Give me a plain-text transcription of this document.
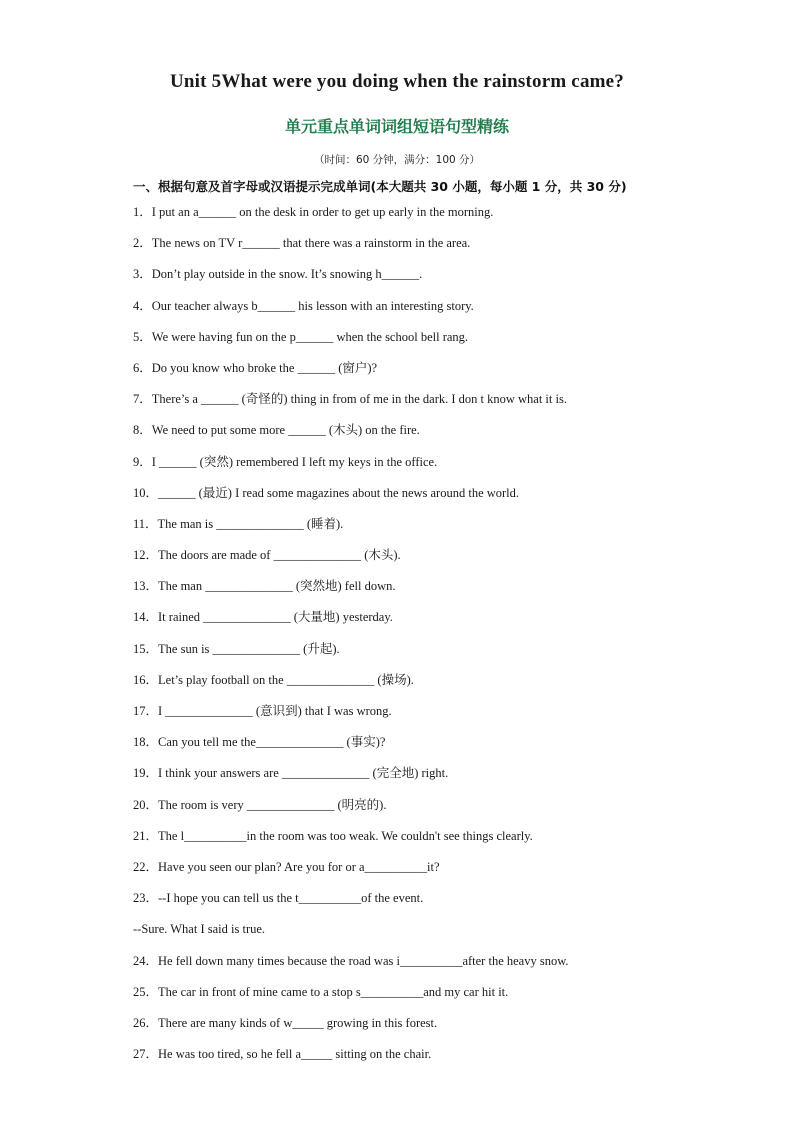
Unit 5What were you doing when the rainstorm came?
单元重点单词词组短语句型精练
（时间：60 分钟，满分：100 分）
一、根据句意及首字母或汉语提示完成单词(本大题共 30 小题，每小题 1 分，共 30 分)
1．I put an a______ on the desk in order to get up early in the morning.
2．The news on TV r______ that there was a rainstorm in the area.
3．Don’t play outside in the snow. It’s snowing h______.
4．Our teacher always b______ his lesson with an interesting story.
5．We were having fun on the p______ when the school bell rang.
6．Do you know who broke the ______ (窗户)?
7．There’s a ______ (奇怪的) thing in from of me in the dark. I don t know what it is.
8．We need to put some more ______ (木头) on the fire.
9．I ______ (突然) remembered I left my keys in the office.
10．______ (最近) I read some magazines about the news around the world.
11．The man is ______________ (睡着).
12．The doors are made of ______________ (木头).
13．The man ______________ (突然地) fell down.
14．It rained ______________ (大量地) yesterday.
15．The sun is ______________ (升起).
16．Let’s play football on the ______________ (操场).
17．I ______________ (意识到) that I was wrong.
18．Can you tell me the______________ (事实)?
19．I think your answers are ______________ (完全地) right.
20．The room is very ______________ (明亮的).
21．The l__________in the room was too weak. We couldn't see things clearly.
22．Have you seen our plan? Are you for or a__________it?
23．--I hope you can tell us the t__________of the event.
--Sure. What I said is true.
24．He fell down many times because the road was i__________after the heavy snow.
25．The car in front of mine came to a stop s__________and my car hit it.
26．There are many kinds of w_____ growing in this forest.
27．He was too tired, so he fell a_____ sitting on the chair.
